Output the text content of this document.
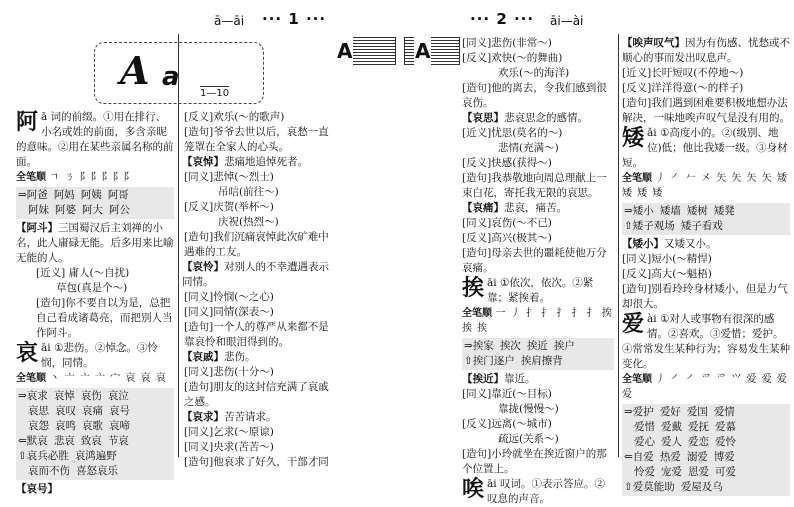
ā—āi ··· 1 ···
A
A a
1—10
阿 ā 词的前缀。①用在排行、小名或姓的前面，多含亲昵的意味。②用在某些亲属名称的前面。
全笔顺 ㄱ ㄋ 阝阝阝阝阝
⇒阿爸 阿妈 阿姨 阿哥
阿妹 阿婆 阿大 阿公
【阿斗】三国蜀汉后主刘禅的小名，此人庸碌无能。后多用来比喻无能的人。
[近义] 庸人(～自扰)
草包(真是个～)
[造句]你不要自以为是，总把自己看成诸葛亮，而把别人当作阿斗。
哀 āi ①悲伤。②悼念。③怜悯，同情。
全笔顺 丶 亠 亠 亠 宀 哀 哀 哀
⇒哀求 哀悼 哀伤 哀泣
哀思 哀叹 哀痛 哀号
哀怨 哀鸣 哀歌 哀啼
⇐默哀 悲哀 致哀 节哀
⇧哀兵必胜 哀鸿遍野
哀而不伤 喜怒哀乐
【哀号】
[反义]欢乐(～的歌声)
[造句]爷爷去世以后，哀愁一直笼罩在全家人的心头。
【哀悼】悲痛地追悼死者。
[同义]悲悼(～烈士)
吊唁(前往～)
[反义]庆贺(举杯～)
庆祝(热烈～)
[造句]我们沉痛哀悼此次矿难中遇难的工友。
【哀怜】对别人的不幸遭遇表示同情。
[同义]怜悯(～之心)
[同义]同情(深表～)
[造句]一个人的尊严从来都不是靠哀怜和眼泪得到的。
【哀戚】悲伤。
[同义]悲伤(十分～)
[造句]朋友的这封信充满了哀戚之感。
【哀求】苦苦请求。
[同义]乞求(～原谅)
[同义]央求(苦苦～)
[造句]他哀求了好久，干部才同
··· 2 ··· āi—ài
A	[同义]悲伤(非常～)
[反义]欢快(～的舞曲)
欢乐(～的海洋)
[造句]他的离去，令我们感到很哀伤。
【哀思】悲哀思念的感情。
[近义]忧思(莫名的～)
悲情(充满～)
[反义]快感(获得～)
[造句]我恭敬地向周总理献上一束白花，寄托我无限的哀思。
【哀痛】悲哀，痛苦。
[同义]哀伤(～不已)
[反义]高兴(极其～)
[造句]母亲去世的噩耗使他万分哀痛。
挨 āi ①依次，依次。②紧靠；紧挨着。
全笔顺 一 丿 扌 扌 扌 扌 扌 挨 挨 挨
⇒挨家 挨次 挨近 挨户
⇧挨门逐户 挨肩擦背
【挨近】靠近。
[同义]靠近(～目标)
靠拢(慢慢～)
[反义]远离(～城市)
疏远(关系～)
[造句]小玲就坐在挨近窗户的那个位置上。
唉 āi 叹词。①表示答应。②叹息的声音。
【唉声叹气】因为有伤感、忧愁或不顺心的事而发出叹息声。
[近义]长吁短叹(不停地～)
[反义]洋洋得意(～的样子)
[造句]我们遇到困难要积极地想办法解决，一味地唉声叹气是没有用的。
矮 ǎi ①高度小的。②(级别、地位)低；他比我矮一级。③身材短。
全笔顺 丿 ㇒ 𠂉 㐅 矢 矢 矢 矢 矮 矮 矮 矮
⇒矮小 矮墙 矮树 矮凳
⇧矮子观场 矮子看戏
【矮小】又矮又小。
[同义]短小(～精悍)
[反义]高大(～魁梧)
[造句]别看玲玲身材矮小，但是力气却很大。
爱 ài ①对人或事物有很深的感情。②喜欢。③爱惜；爱护。④常常发生某种行为；容易发生某种变化。
全笔顺 丿 ㇒ ㇒ 爫 爫 ⺍ 爱 爱 爱 爱
⇒爱护 爱好 爱国 爱情
爱惜 爱戴 爱抚 爱慕
爱心 爱人 爱恋 爱怜
⇐自爱 热爱 溺爱 博爱
怜爱 宠爱 恩爱 可爱
⇧爱莫能助 爱屋及乌
